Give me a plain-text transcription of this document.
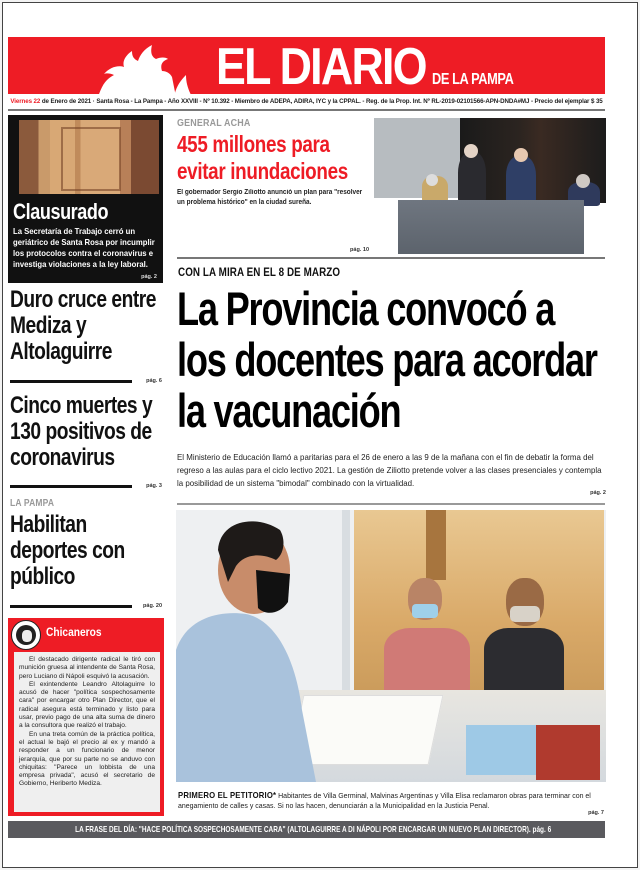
EL DIARIO DE LA PAMPA
Viernes 22 de Enero de 2021 · Santa Rosa - La Pampa - Año XXVIII - Nº 10.392 - Miembro de ADEPA, ADIRA, IYC y la CPPAL. - Reg. de la Prop. Int. Nº RL-2019-02101566-APN-DNDA#MJ - Precio del ejemplar $ 35
Clausurado
La Secretaría de Trabajo cerró un geriátrico de Santa Rosa por incumplir los protocolos contra el coronavirus e investiga violaciones a la ley laboral.
pág. 2
Duro cruce entre Mediza y Altolaguirre
pág. 6
Cinco muertes y 130 positivos de coronavirus
pág. 3
LA PAMPA
Habilitan deportes con público
pág. 20
Chicaneros

El destacado dirigente radical le tiró con munición gruesa al intendente de Santa Rosa, pero Luciano di Nápoli esquivó la acusación.

El exintendente Leandro Altolaguirre lo acusó de hacer "política sospechosamente cara" por encargar otro Plan Director, que el radical asegura está terminado y listo para usar, previo pago de una alta suma de dinero a la consultora que realizó el trabajo.

En una treta común de la práctica política, el actual le bajó el precio al ex y mandó a responder a un funcionario de menor jerarquía, que por su parte no se anduvo con chiquitas: "Parece un lobbista de una empresa privada", acusó el secretario de Gobierno, Heriberto Mediza.

GENERAL ACHA
455 millones para evitar inundaciones
El gobernador Sergio Ziliotto anunció un plan para "resolver un problema histórico" en la ciudad sureña.
pág. 10
CON LA MIRA EN EL 8 DE MARZO
La Provincia convocó a los docentes para acordar la vacunación
El Ministerio de Educación llamó a paritarias para el 26 de enero a las 9 de la mañana con el fin de debatir la forma del regreso a las aulas para el ciclo lectivo 2021. La gestión de Ziliotto pretende volver a las clases presenciales y contempla la posibilidad de un sistema "bimodal" combinado con la virtualidad.
pág. 2
PRIMERO EL PETITORIO* Habitantes de Villa Germinal, Malvinas Argentinas y Villa Elisa reclamaron obras para terminar con el anegamiento de calles y casas. Si no las hacen, denunciarán a la Municipalidad en la Justicia Penal.
pág. 7
LA FRASE DEL DÍA: "HACE POLÍTICA SOSPECHOSAMENTE CARA" (ALTOLAGUIRRE A DI NÁPOLI POR ENCARGAR UN NUEVO PLAN DIRECTOR). pág. 6
